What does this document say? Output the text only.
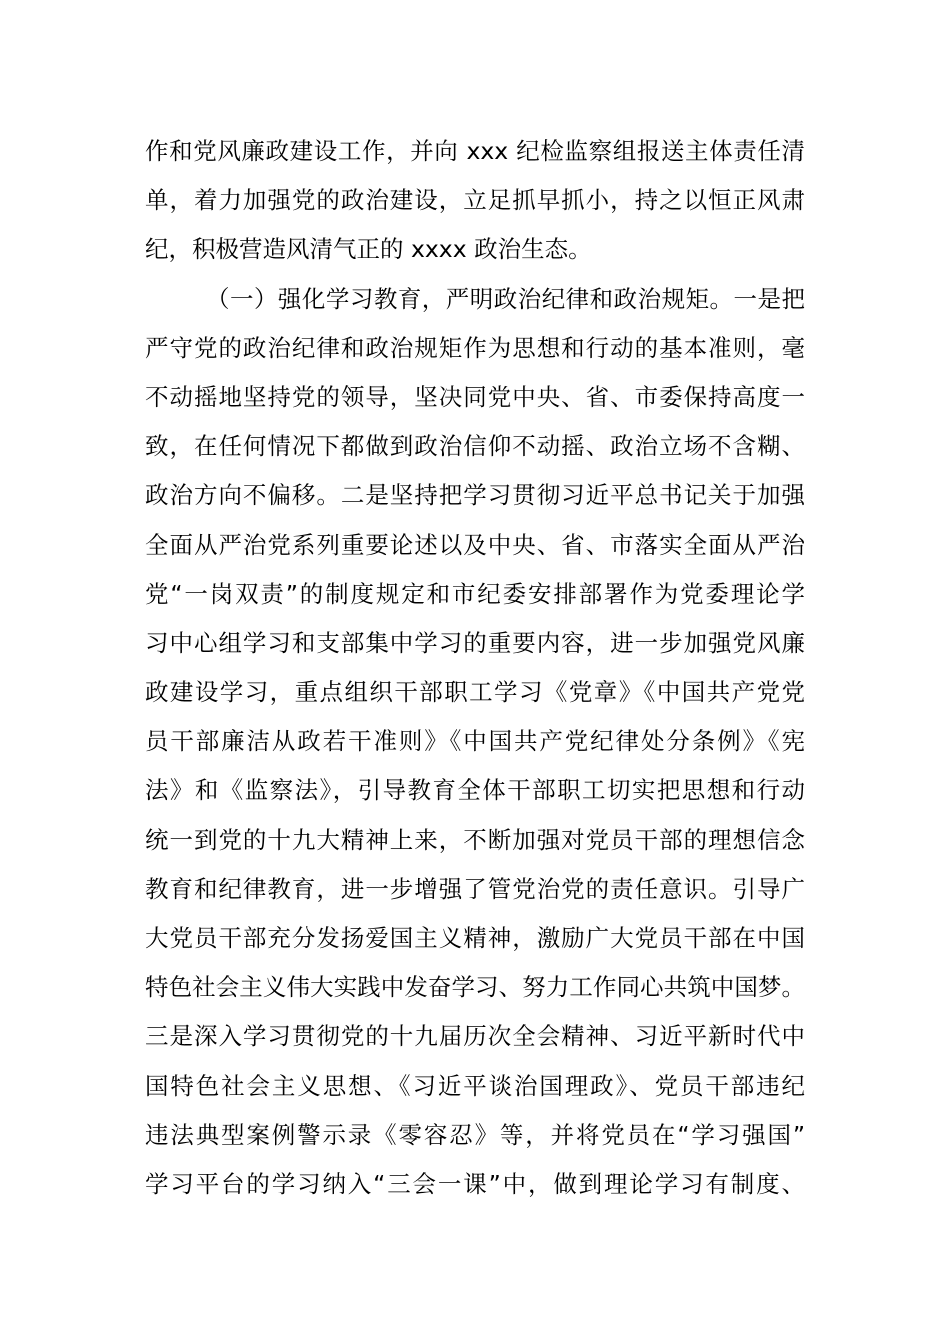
作和党风廉政建设工作，并向 xxx 纪检监察组报送主体责任清
单，着力加强党的政治建设，立足抓早抓小，持之以恒正风肃
纪，积极营造风清气正的 xxxx 政治生态。
（一）强化学习教育，严明政治纪律和政治规矩。一是把
严守党的政治纪律和政治规矩作为思想和行动的基本准则，毫
不动摇地坚持党的领导，坚决同党中央、省、市委保持高度一
致，在任何情况下都做到政治信仰不动摇、政治立场不含糊、
政治方向不偏移。二是坚持把学习贯彻习近平总书记关于加强
全面从严治党系列重要论述以及中央、省、市落实全面从严治
党“一岗双责”的制度规定和市纪委安排部署作为党委理论学
习中心组学习和支部集中学习的重要内容，进一步加强党风廉
政建设学习，重点组织干部职工学习《党章》《中国共产党党
员干部廉洁从政若干准则》《中国共产党纪律处分条例》《宪
法》和《监察法》，引导教育全体干部职工切实把思想和行动
统一到党的十九大精神上来，不断加强对党员干部的理想信念
教育和纪律教育，进一步增强了管党治党的责任意识。引导广
大党员干部充分发扬爱国主义精神，激励广大党员干部在中国
特色社会主义伟大实践中发奋学习、努力工作同心共筑中国梦。
三是深入学习贯彻党的十九届历次全会精神、习近平新时代中
国特色社会主义思想、《习近平谈治国理政》、党员干部违纪
违法典型案例警示录《零容忍》等，并将党员在“学习强国”
学习平台的学习纳入“三会一课”中，做到理论学习有制度、
